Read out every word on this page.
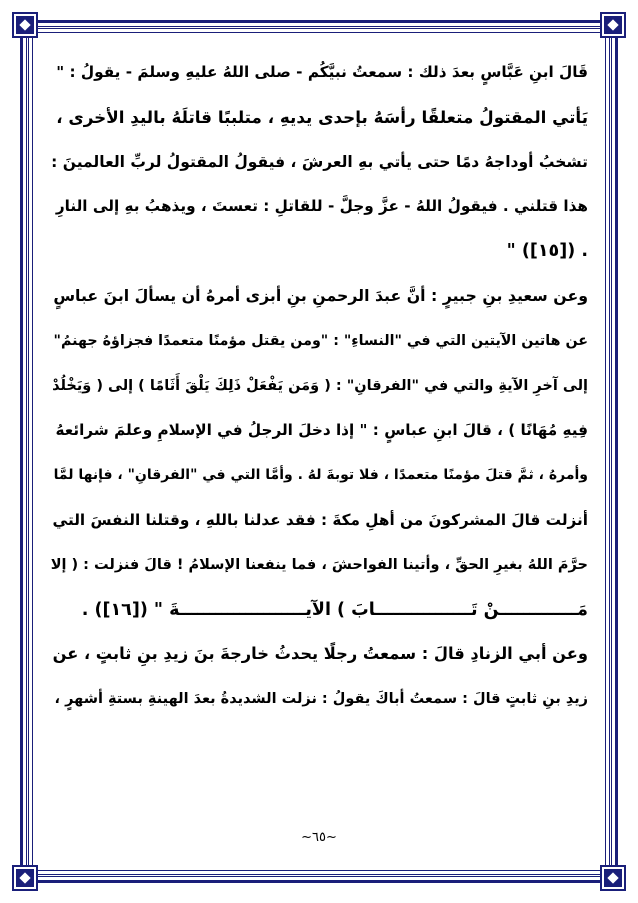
قَالَ ابنِ عَبَّاسٍ بعدَ ذلك : سمعتُ نبيَّكُم - صلى اللهُ عليهِ وسلمَ - يقولُ : "
يَأتي المقتولُ متعلقًا رأسَهُ بإحدى يديهِ ، متلببًا قاتلَهُ باليدِ الأخرى ،
تشخبُ أوداجهُ دمًا حتى يأتي بهِ العرشَ ، فيقولُ المقتولُ لربِّ العالمينَ :
هذا قتلني . فيقولُ اللهُ - عزَّ وجلَّ - للقاتلِ : تعستَ ، ويذهبُ بهِ إلى النارِ
. ([١٥]) "
وعن سعيدِ بنِ جبيرٍ : أنَّ عبدَ الرحمنِ بنِ أبزى أمرهُ أن يسألَ ابنَ عباسٍ
عن هاتين الآيتين التي في "النساءِ" : "ومن يقتل مؤمنًا متعمدًا فجزاؤهُ جهنمُ"
إلى آخرِ الآيةِ والتي في "الفرقانِ" : ( وَمَن يَفْعَلْ ذَلِكَ يَلْقَ أَثَامًا ) إلى ( وَيَخْلُدْ
فِيهِ مُهَانًا ) ، قالَ ابنِ عباسٍ : " إذا دخلَ الرجلُ في الإسلامِ وعلمَ شرائعهُ
وأمرهُ ، ثمَّ قتلَ مؤمنًا متعمدًا ، فلا توبةَ لهُ . وأمَّا التي في "الفرقانِ" ، فإنها لمَّا
أنزلت قالَ المشركونَ من أهلِ مكةَ : فقد عدلنا باللهِ ، وقتلنا النفسَ التي
حرَّمَ اللهُ بغيرِ الحقِّ ، وأتينا الفواحشَ ، فما ينفعنا الإسلامُ ! قالَ فنزلت : ( إلا
مَـــــــــــــنْ تَــــــــــــــــابَ ) الآيـــــــــــــــــــــةَ " ([١٦]) .
وعن أبي الزنادِ قالَ : سمعتُ رجلًا يحدثُ خارجةَ بنَ زيدِ بنِ ثابتٍ ، عن
زيدِ بنِ ثابتٍ قالَ : سمعتُ أباكَ يقولُ : نزلت الشديدةُ بعدَ الهينةِ بستةِ أشهرٍ ،
~٦٥~
